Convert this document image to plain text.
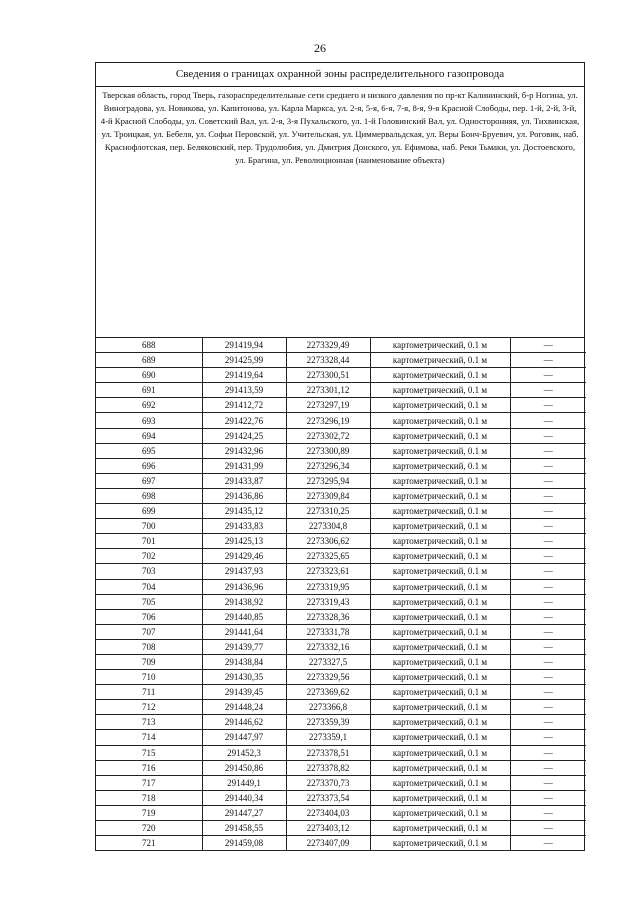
26
Сведения о границах охранной зоны распределительного газопровода

Тверская область, город Тверь, газораспределительные сети среднего и низкого давления по пр-кт Калининский, б-р Ногина, ул. Виноградова, ул. Новикова, ул. Капитонова, ул. Карла Маркса, ул. 2-я, 5-я, 6-я, 7-я, 8-я, 9-я Красной Слободы, пер. 1-й, 2-й, 3-й, 4-й Красной Слободы, ул. Советский Вал, ул. 2-я, 3-я Пухальского, ул. 1-й Головинский Вал, ул. Односторонняя, ул. Тихвинская, ул. Троицкая, ул. Бебеля, ул. Софьи Перовской, ул. Учительская, ул. Циммервальдская, ул. Веры Бонч-Бруевич, ул. Роговик, наб. Краснофлотская, пер. Беляковский, пер. Трудолюбия, ул. Дмитрия Донского, ул. Ефимова, наб. Реки Тьмаки, ул. Достоевского, ул. Брагина, ул. Революционная (наименование объекта)

688	291419,94	2273329,49	картометрический, 0.1 м	—
689	291425,99	2273328,44	картометрический, 0.1 м	—
690	291419,64	2273300,51	картометрический, 0.1 м	—
691	291413,59	2273301,12	картометрический, 0.1 м	—
692	291412,72	2273297,19	картометрический, 0.1 м	—
693	291422,76	2273296,19	картометрический, 0.1 м	—
694	291424,25	2273302,72	картометрический, 0.1 м	—
695	291432,96	2273300,89	картометрический, 0.1 м	—
696	291431,99	2273296,34	картометрический, 0.1 м	—
697	291433,87	2273295,94	картометрический, 0.1 м	—
698	291436,86	2273309,84	картометрический, 0.1 м	—
699	291435,12	2273310,25	картометрический, 0.1 м	—
700	291433,83	2273304,8	картометрический, 0.1 м	—
701	291425,13	2273306,62	картометрический, 0.1 м	—
702	291429,46	2273325,65	картометрический, 0.1 м	—
703	291437,93	2273323,61	картометрический, 0.1 м	—
704	291436,96	2273319,95	картометрический, 0.1 м	—
705	291438,92	2273319,43	картометрический, 0.1 м	—
706	291440,85	2273328,36	картометрический, 0.1 м	—
707	291441,64	2273331,78	картометрический, 0.1 м	—
708	291439,77	2273332,16	картометрический, 0.1 м	—
709	291438,84	2273327,5	картометрический, 0.1 м	—
710	291430,35	2273329,56	картометрический, 0.1 м	—
711	291439,45	2273369,62	картометрический, 0.1 м	—
712	291448,24	2273366,8	картометрический, 0.1 м	—
713	291446,62	2273359,39	картометрический, 0.1 м	—
714	291447,97	2273359,1	картометрический, 0.1 м	—
715	291452,3	2273378,51	картометрический, 0.1 м	—
716	291450,86	2273378,82	картометрический, 0.1 м	—
717	291449,1	2273370,73	картометрический, 0.1 м	—
718	291440,34	2273373,54	картометрический, 0.1 м	—
719	291447,27	2273404,03	картометрический, 0.1 м	—
720	291458,55	2273403,12	картометрический, 0.1 м	—
721	291459,08	2273407,09	картометрический, 0.1 м	—
